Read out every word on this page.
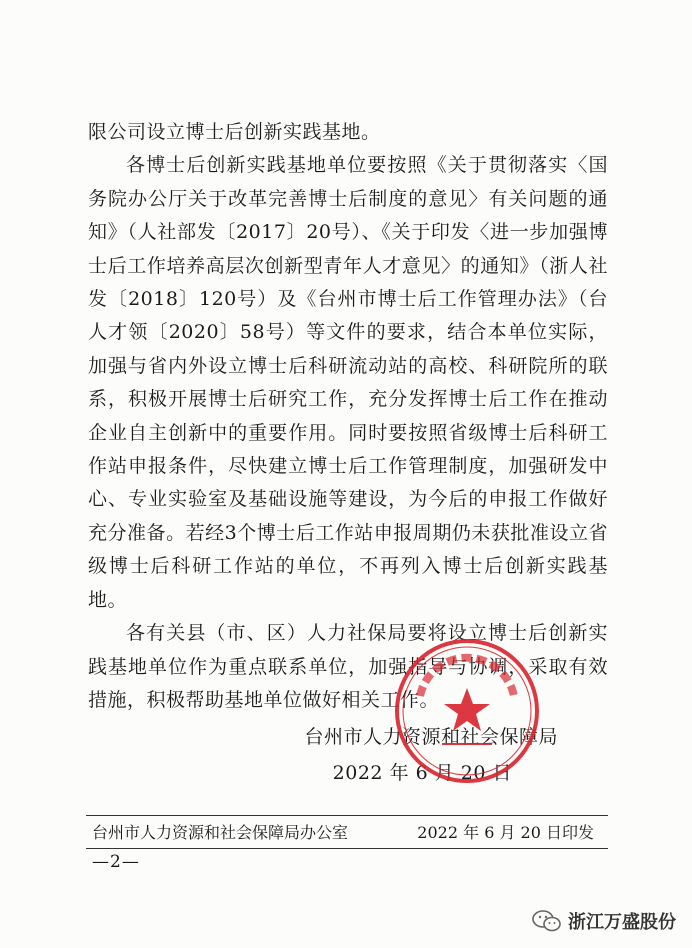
限公司设立博士后创新实践基地。

各博士后创新实践基地单位要按照《关于贯彻落实〈国务院办公厅关于改革完善博士后制度的意见〉有关问题的通知》（人社部发〔2017〕20号）、《关于印发〈进一步加强博士后工作培养高层次创新型青年人才意见〉的通知》（浙人社发〔2018〕120号）及《台州市博士后工作管理办法》（台人才领〔2020〕58号）等文件的要求，结合本单位实际，加强与省内外设立博士后科研流动站的高校、科研院所的联系，积极开展博士后研究工作，充分发挥博士后工作在推动企业自主创新中的重要作用。同时要按照省级博士后科研工作站申报条件，尽快建立博士后工作管理制度，加强研发中心、专业实验室及基础设施等建设，为今后的申报工作做好充分准备。若经3个博士后工作站申报周期仍未获批准设立省级博士后科研工作站的单位，不再列入博士后创新实践基地。

各有关县（市、区）人力社保局要将设立博士后创新实践基地单位作为重点联系单位，加强指导与协调，采取有效措施，积极帮助基地单位做好相关工作。

台州市人力资源和社会保障局
2022 年 6 月 20 日
台州市人力资源和社会保障局办公室	2022 年 6 月 20 日印发
—2—
浙江万盛股份
